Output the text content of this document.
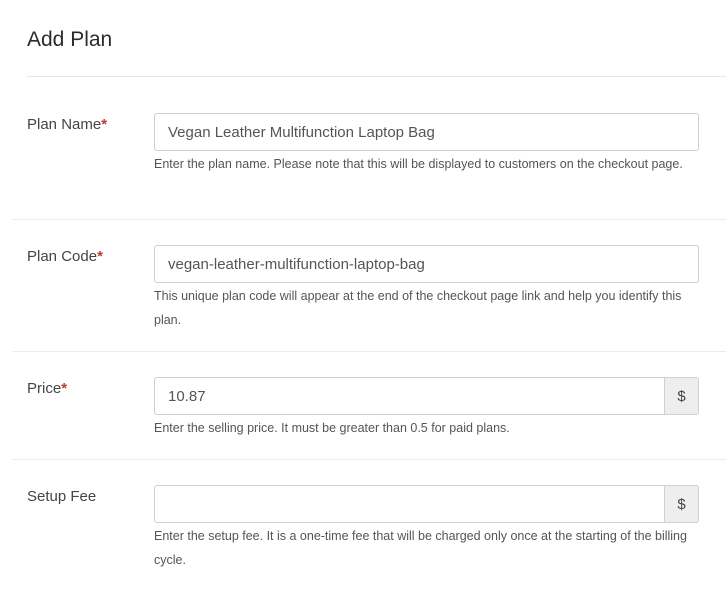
Add Plan
Plan Name*
Vegan Leather Multifunction Laptop Bag
Enter the plan name. Please note that this will be displayed to customers on the checkout page.
Plan Code*
vegan-leather-multifunction-laptop-bag
This unique plan code will appear at the end of the checkout page link and help you identify this plan.
Price*
10.87	$
Enter the selling price. It must be greater than 0.5 for paid plans.
Setup Fee	$
Enter the setup fee. It is a one-time fee that will be charged only once at the starting of the billing cycle.
